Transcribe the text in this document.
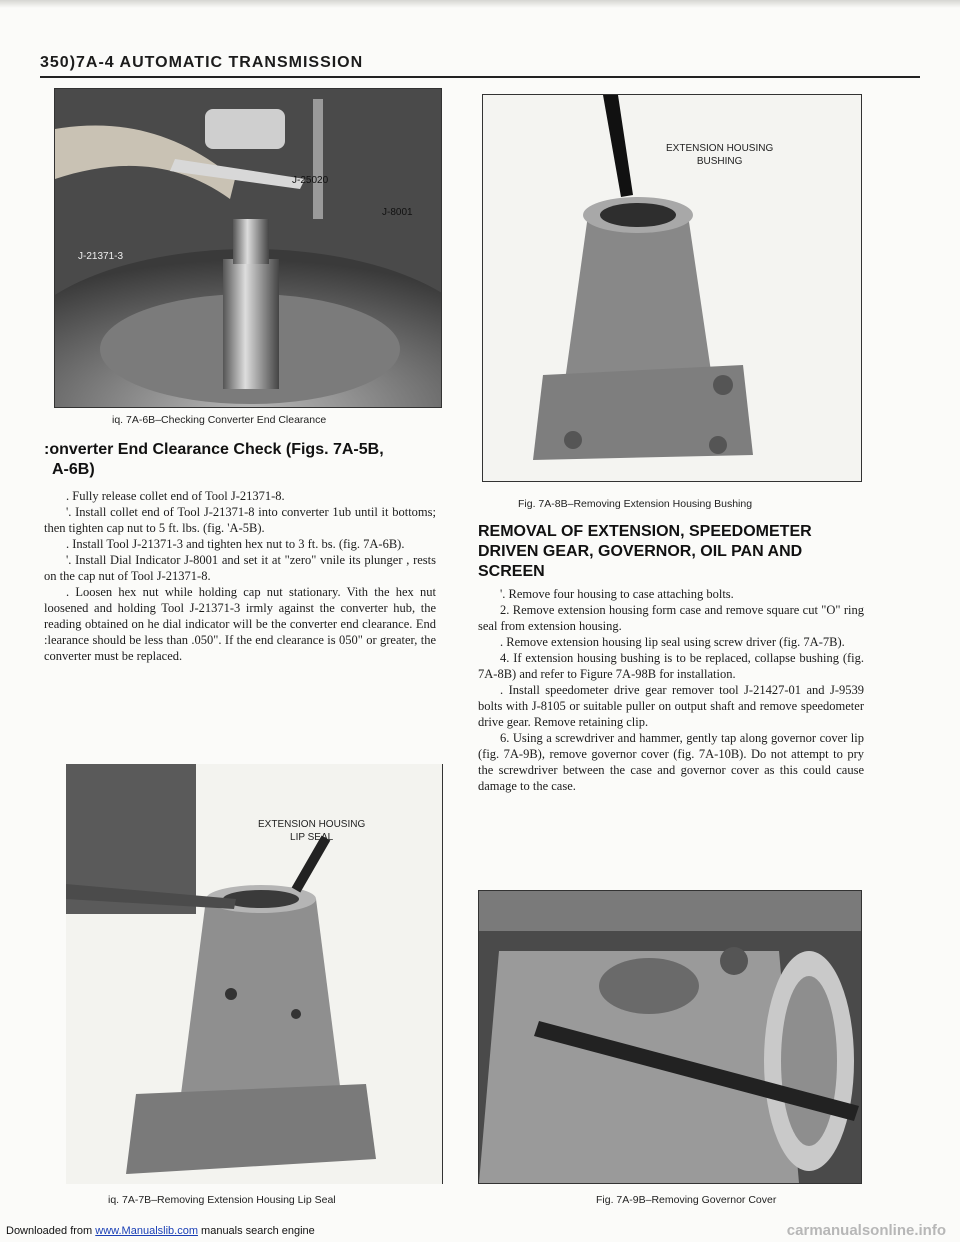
350)7A-4 AUTOMATIC TRANSMISSION
J-25020
J-8001
J-21371-3
iq. 7A-6B–Checking Converter End Clearance
:onverter End Clearance Check (Figs. 7A-5B,
A-6B)

. Fully release collet end of Tool J-21371-8.

'. Install collet end of Tool J-21371-8 into converter 1ub until it bottoms; then tighten cap nut to 5 ft. lbs. (fig. 'A-5B).

. Install Tool J-21371-3 and tighten hex nut to 3 ft. bs. (fig. 7A-6B).

'. Install Dial Indicator J-8001 and set it at "zero" vnile its plunger , rests on the cap nut of Tool J-21371-8.

. Loosen hex nut while holding cap nut stationary. Vith the hex nut loosened and holding Tool J-21371-3 irmly against the converter hub, the reading obtained on he dial indicator will be the converter end clearance. End :learance should be less than .050". If the end clearance is 050" or greater, the converter must be replaced.

EXTENSION HOUSING
LIP SEAL
iq. 7A-7B–Removing Extension Housing Lip Seal
EXTENSION HOUSING
BUSHING
Fig. 7A-8B–Removing Extension Housing Bushing
REMOVAL OF EXTENSION, SPEEDOMETER
DRIVEN GEAR, GOVERNOR, OIL PAN AND
SCREEN

'. Remove four housing to case attaching bolts.

2. Remove extension housing form case and remove square cut "O" ring seal from extension housing.

. Remove extension housing lip seal using screw driver (fig. 7A-7B).

4. If extension housing bushing is to be replaced, collapse bushing (fig. 7A-8B) and refer to Figure 7A-98B for installation.

. Install speedometer drive gear remover tool J-21427-01 and J-9539 bolts with J-8105 or suitable puller on output shaft and remove speedometer drive gear. Remove retaining clip.

6. Using a screwdriver and hammer, gently tap along governor cover lip (fig. 7A-9B), remove governor cover (fig. 7A-10B). Do not attempt to pry the screwdriver between the case and governor cover as this could cause damage to the case.

Fig. 7A-9B–Removing Governor Cover
Downloaded from www.Manualslib.com manuals search engine	carmanualsonline.info
